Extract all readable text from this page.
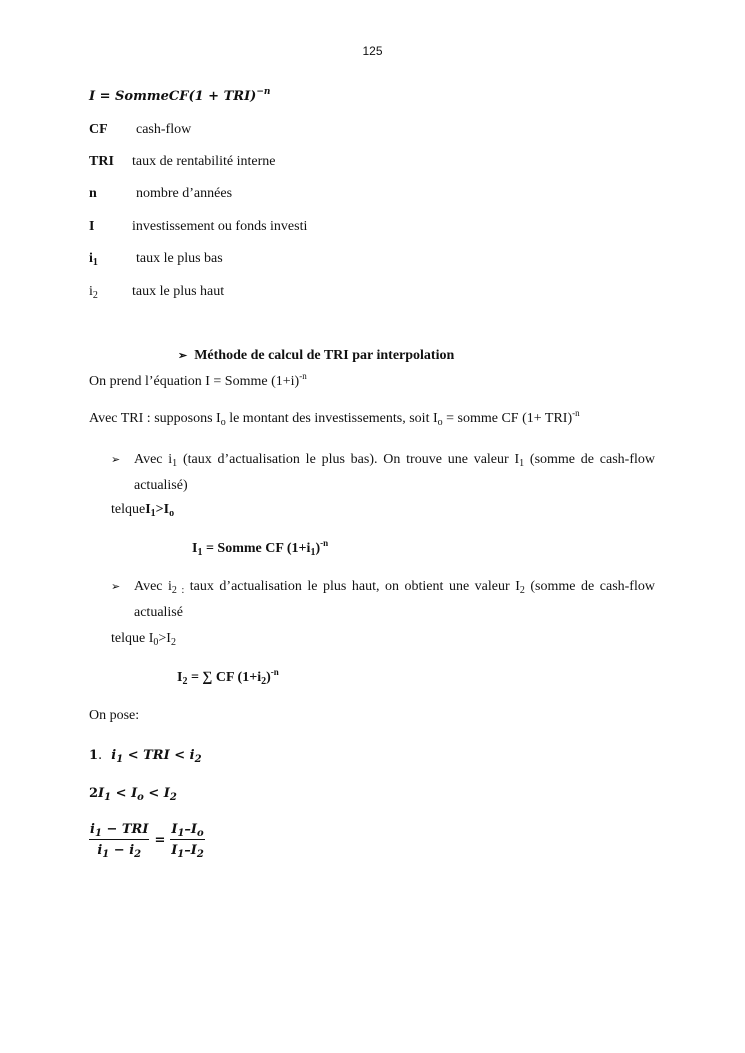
125
I = SommeCF(1 + TRI)$^{-n}$
CF cash-flow
TRI taux de rentabilité interne
n	nombre d’années
I	investissement ou fonds investi
$i_1$	taux le plus bas
$i_2$ taux le plus haut
➢ Méthode de calcul de TRI par interpolation
On prend l’équation I = Somme $(1+i)^{-n}$
Avec TRI : supposons $I_o$ le montant des investissements, soit $I_o$ = somme CF (1+ TRI)$^{-n}$
➢ Avec $i_1$ (taux d’actualisation le plus bas). On trouve une valeur $I_1$ (somme de cash-flow actualisé)
$telqueI_1>I_o$
$I_1$ = Somme CF $(1+i_1)^{-n}$
➢ Avec $i_{2 :}$ taux d’actualisation le plus haut, on obtient une valeur $I_2$ (somme de cash-flow actualisé
telque $I_0>I_2$
$I_2$ = ∑ CF $(1+i_2)^{-n}$
On pose:
1. $i_1$ < TRI < $i_2$
$2I_1 < I_o < I_2$
$\frac{i_1 - TRI}{i_1 - i_2} = \frac{I_1-I_o}{I_1-I_2}$
